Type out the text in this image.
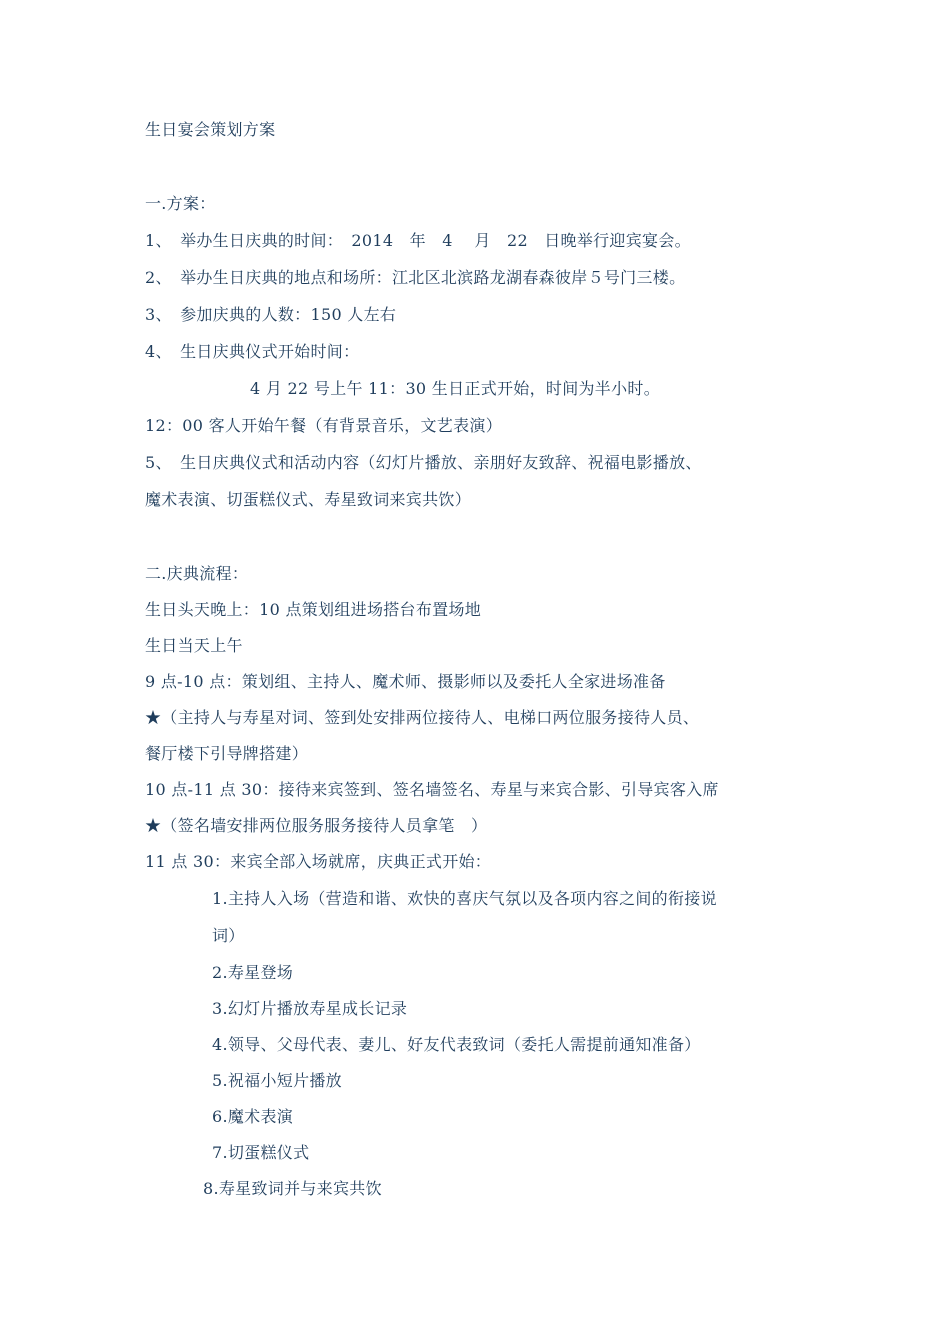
生日宴会策划方案
一.方案：
1、　举办生日庆典的时间：　2014　年　4　 月　22　日晚举行迎宾宴会。
2、　举办生日庆典的地点和场所：江北区北滨路龙湖春森彼岸５号门三楼。
3、　参加庆典的人数：150 人左右
4、　生日庆典仪式开始时间：
4 月 22 号上午 11：30 生日正式开始，时间为半小时。
12：00 客人开始午餐（有背景音乐，文艺表演）
5、　生日庆典仪式和活动内容（幻灯片播放、亲朋好友致辞、祝福电影播放、
魔术表演、切蛋糕仪式、寿星致词来宾共饮）
二.庆典流程：
生日头天晚上：10 点策划组进场搭台布置场地
生日当天上午
9 点-10 点：策划组、主持人、魔术师、摄影师以及委托人全家进场准备
★（主持人与寿星对词、签到处安排两位接待人、电梯口两位服务接待人员、
餐厅楼下引导牌搭建）
10 点-11 点 30：接待来宾签到、签名墙签名、寿星与来宾合影、引导宾客入席
★（签名墙安排两位服务服务接待人员拿笔　）
11 点 30：来宾全部入场就席，庆典正式开始：
1.主持人入场（营造和谐、欢快的喜庆气氛以及各项内容之间的衔接说
词）
2.寿星登场
3.幻灯片播放寿星成长记录
4.领导、父母代表、妻儿、好友代表致词（委托人需提前通知准备）
5.祝福小短片播放
6.魔术表演
7.切蛋糕仪式
8.寿星致词并与来宾共饮
